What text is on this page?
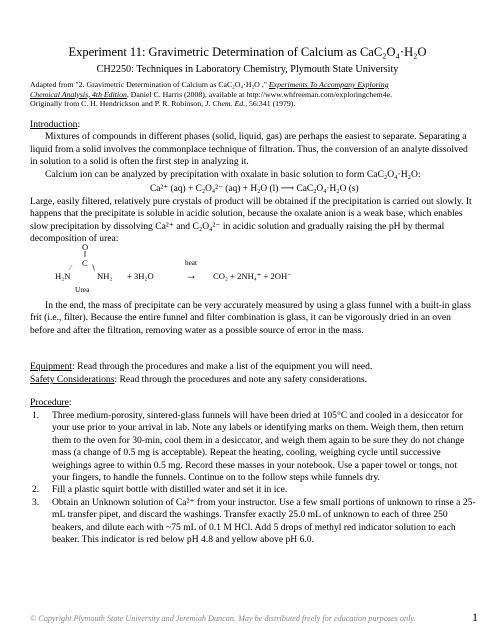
Experiment 11: Gravimetric Determination of Calcium as CaC₂O₄·H₂O
CH2250: Techniques in Laboratory Chemistry, Plymouth State University
Adapted from "2. Gravimetric Determination of Calcium as CaC₂O₄·H₂O ," Experiments To Accompany Exploring
Chemical Analysis, 4th Edition, Daniel C. Harris (2008), available at http://www.whfreeman.com/exploringchem4e.
Originally from C. H. Hendrickson and P. R. Robinson, J. Chem. Ed., 56:341 (1979).
Introduction:
Mixtures of compounds in different phases (solid, liquid, gas) are perhaps the easiest to separate. Separating a liquid from a solid involves the commonplace technique of filtration. Thus, the conversion of an analyte dissolved in solution to a solid is often the first step in analyzing it.
Calcium ion can be analyzed by precipitation with oxalate in basic solution to form CaC₂O₄·H₂O:
Ca²⁺ (aq) + C₂O₄²⁻ (aq) + H₂O (l) ⟶ CaC₂O₄·H₂O (s)
Large, easily filtered, relatively pure crystals of product will be obtained if the precipitation is carried out slowly. It happens that the precipitate is soluble in acidic solution, because the oxalate anion is a weak base, which enables slow precipitation by dissolving Ca²⁺ and C₂O₄²⁻ in acidic solution and gradually raising the pH by thermal decomposition of urea:
O
‖
C
⁄	∖
H₂N	NH₂
Urea
+ 3H₂O
heat
→ CO₂ + 2NH₄⁺ + 2OH⁻
In the end, the mass of precipitate can be very accurately measured by using a glass funnel with a built-in glass frit (i.e., filter). Because the entire funnel and filter combination is glass, it can be vigorously dried in an oven before and after the filtration, removing water as a possible source of error in the mass.
Equipment: Read through the procedures and make a list of the equipment you will need.
Safety Considerations: Read through the procedures and note any safety considerations.
Procedure:
1. Three medium-porosity, sintered-glass funnels will have been dried at 105°C and cooled in a desiccator for your use prior to your arrival in lab. Note any labels or identifying marks on them. Weigh them, then return them to the oven for 30-min, cool them in a desiccator, and weigh them again to be sure they do not change mass (a change of 0.5 mg is acceptable). Repeat the heating, cooling, weighing cycle until successive weighings agree to within 0.5 mg. Record these masses in your notebook. Use a paper towel or tongs, not your fingers, to handle the funnels. Continue on to the follow steps while funnels dry.
2. Fill a plastic squirt bottle with distilled water and set it in ice.
3. Obtain an Unknown solution of Ca²⁺ from your instructor. Use a few small portions of unknown to rinse a 25-mL transfer pipet, and discard the washings. Transfer exactly 25.0 mL of unknown to each of three 250 beakers, and dilute each with ~75 mL of 0.1 M HCl. Add 5 drops of methyl red indicator solution to each beaker. This indicator is red below pH 4.8 and yellow above pH 6.0.
© Copyright Plymouth State University and Jeremiah Duncan. May be distributed freely for education purposes only.	1
